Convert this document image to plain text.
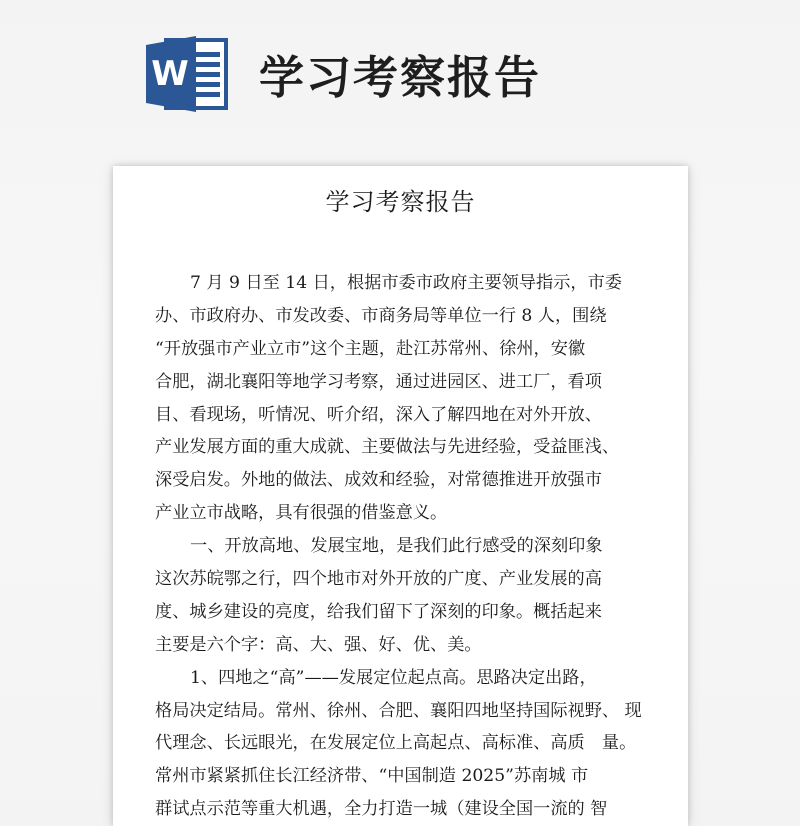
W 学习考察报告
学习考察报告
7 月 9 日至 14 日，根据市委市政府主要领导指示，市委
办、市政府办、市发改委、市商务局等单位一行 8 人，围绕
“开放强市产业立市”这个主题，赴江苏常州、徐州，安徽
合肥，湖北襄阳等地学习考察，通过进园区、进工厂，看项
目、看现场，听情况、听介绍，深入了解四地在对外开放、
产业发展方面的重大成就、主要做法与先进经验，受益匪浅、
深受启发。外地的做法、成效和经验，对常德推进开放强市
产业立市战略，具有很强的借鉴意义。
一、开放高地、发展宝地，是我们此行感受的深刻印象
这次苏皖鄂之行，四个地市对外开放的广度、产业发展的高
度、城乡建设的亮度，给我们留下了深刻的印象。概括起来
主要是六个字：高、大、强、好、优、美。
1、四地之“高”——发展定位起点高。思路决定出路，
格局决定结局。常州、徐州、合肥、襄阳四地坚持国际视野、 现
代理念、长远眼光，在发展定位上高起点、高标准、高质　量。
常州市紧紧抓住长江经济带、“中国制造 2025”苏南城 市
群试点示范等重大机遇，全力打造一城（建设全国一流的 智
